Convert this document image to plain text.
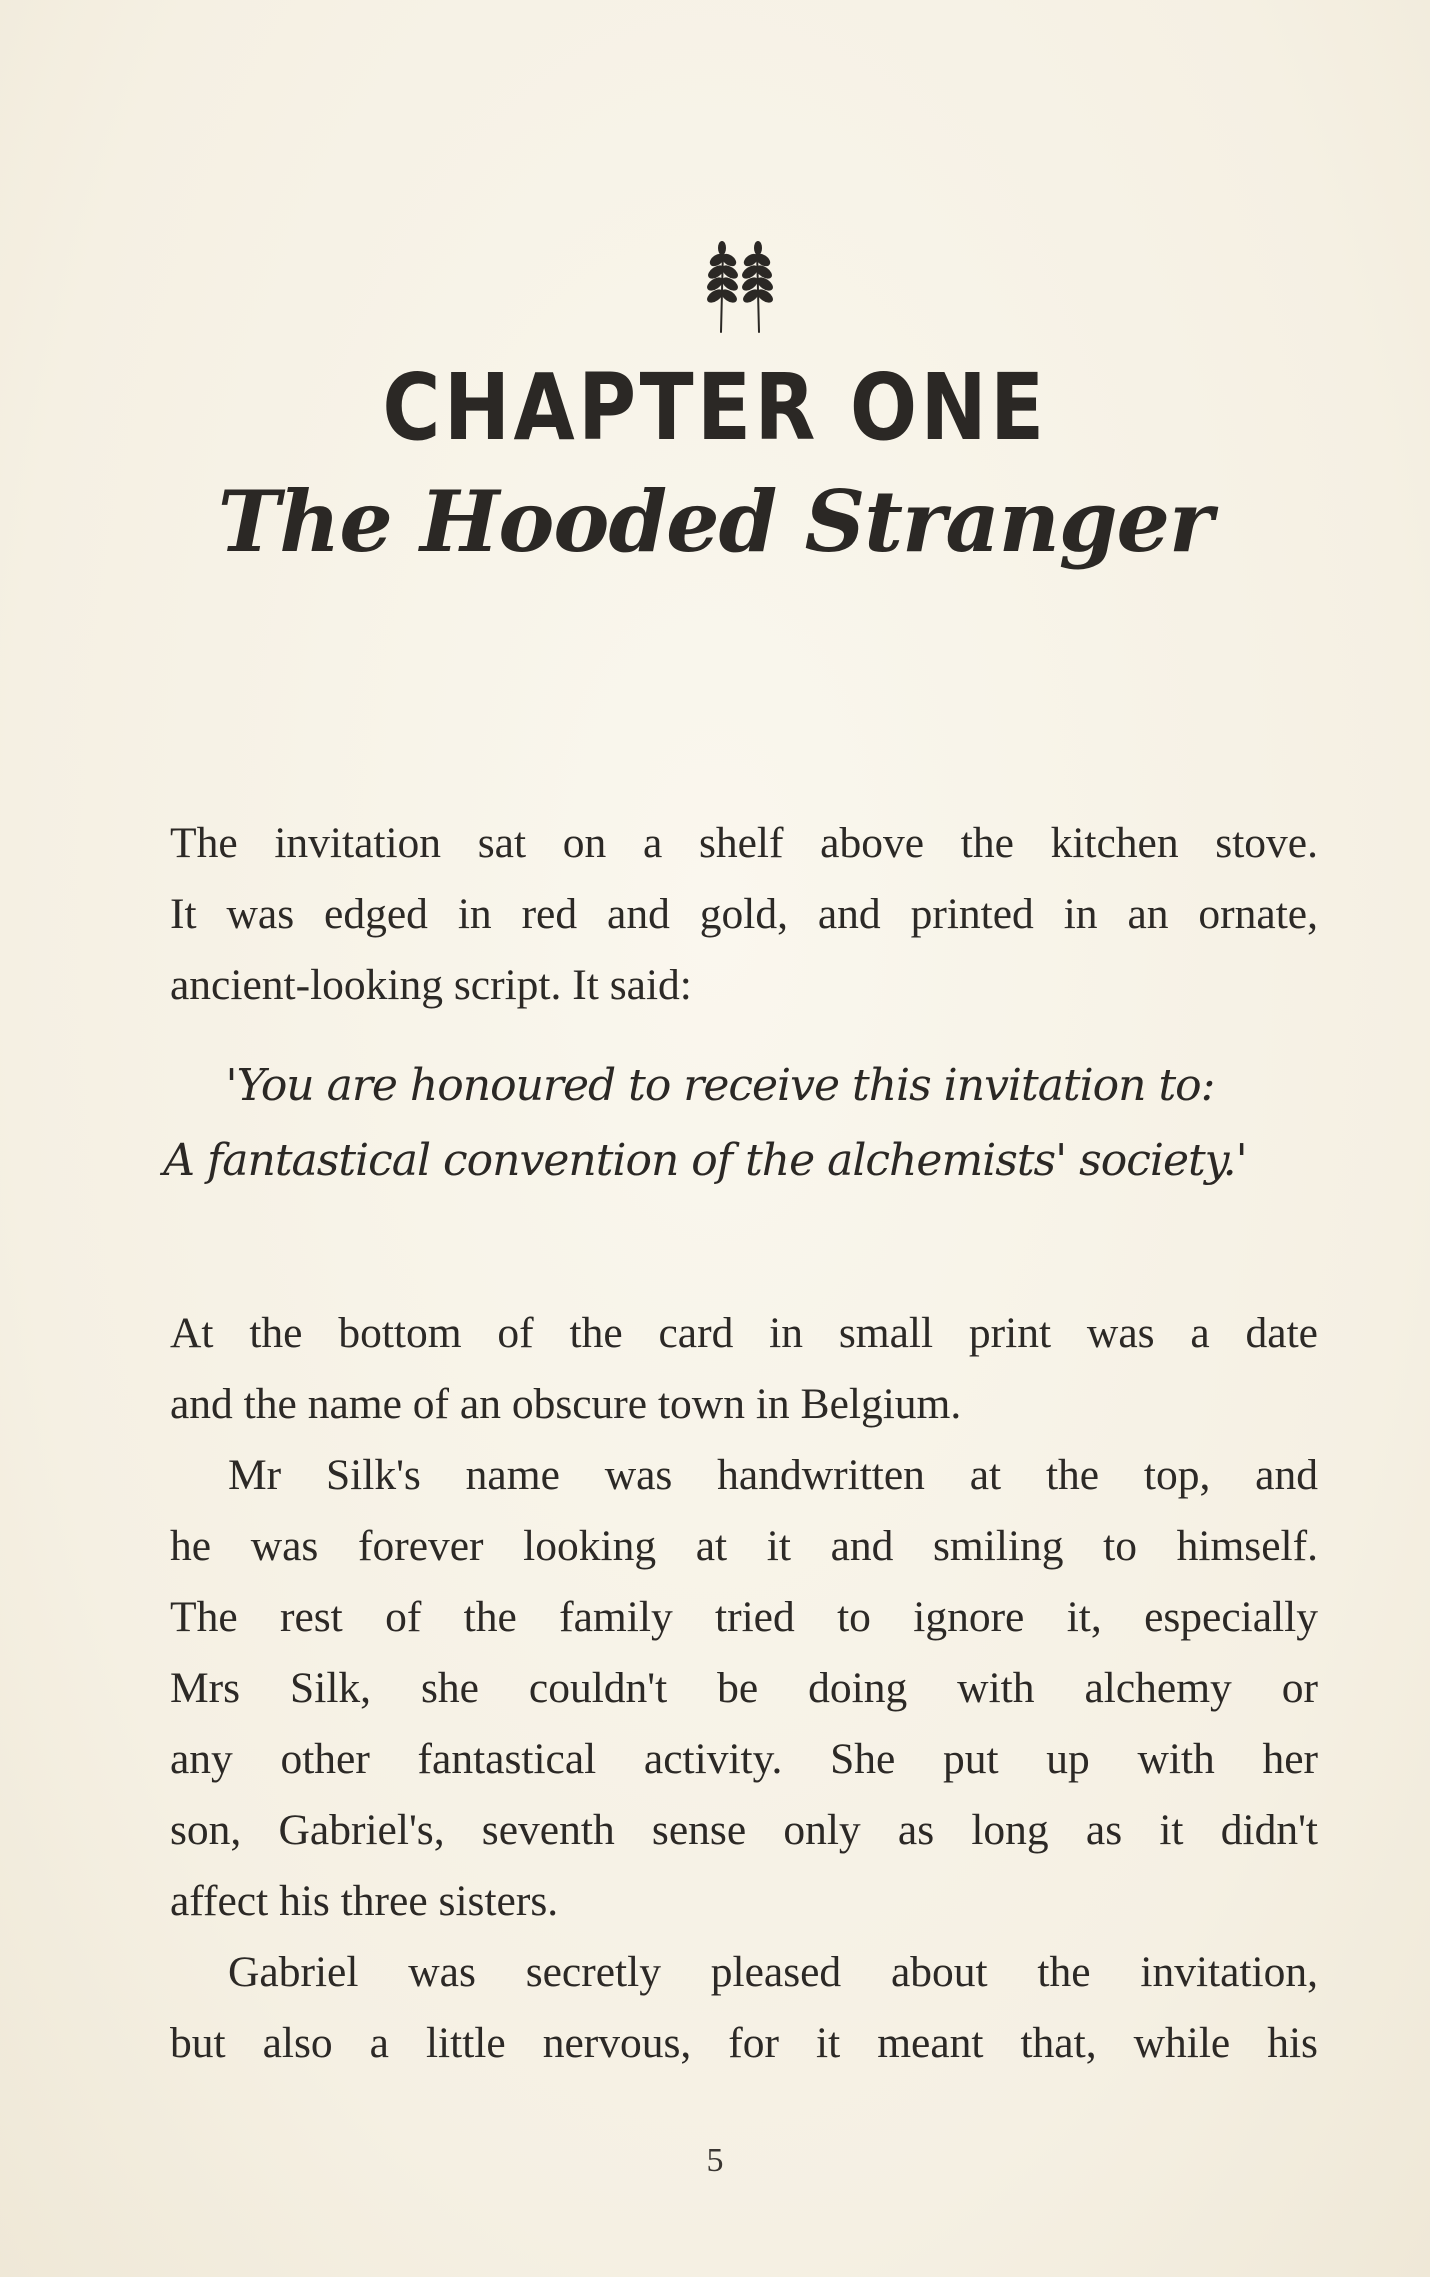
CHAPTER ONE
The Hooded Stranger

The invitation sat on a shelf above the kitchen stove.

It was edged in red and gold, and printed in an ornate,

ancient-looking script. It said:

'You are honoured to receive this invitation to:
A fantastical convention of the alchemists' society.'

At the bottom of the card in small print was a date

and the name of an obscure town in Belgium.

Mr Silk's name was handwritten at the top, and

he was forever looking at it and smiling to himself.

The rest of the family tried to ignore it, especially

Mrs Silk, she couldn't be doing with alchemy or

any other fantastical activity. She put up with her

son, Gabriel's, seventh sense only as long as it didn't

affect his three sisters.

Gabriel was secretly pleased about the invitation,

but also a little nervous, for it meant that, while his

5
